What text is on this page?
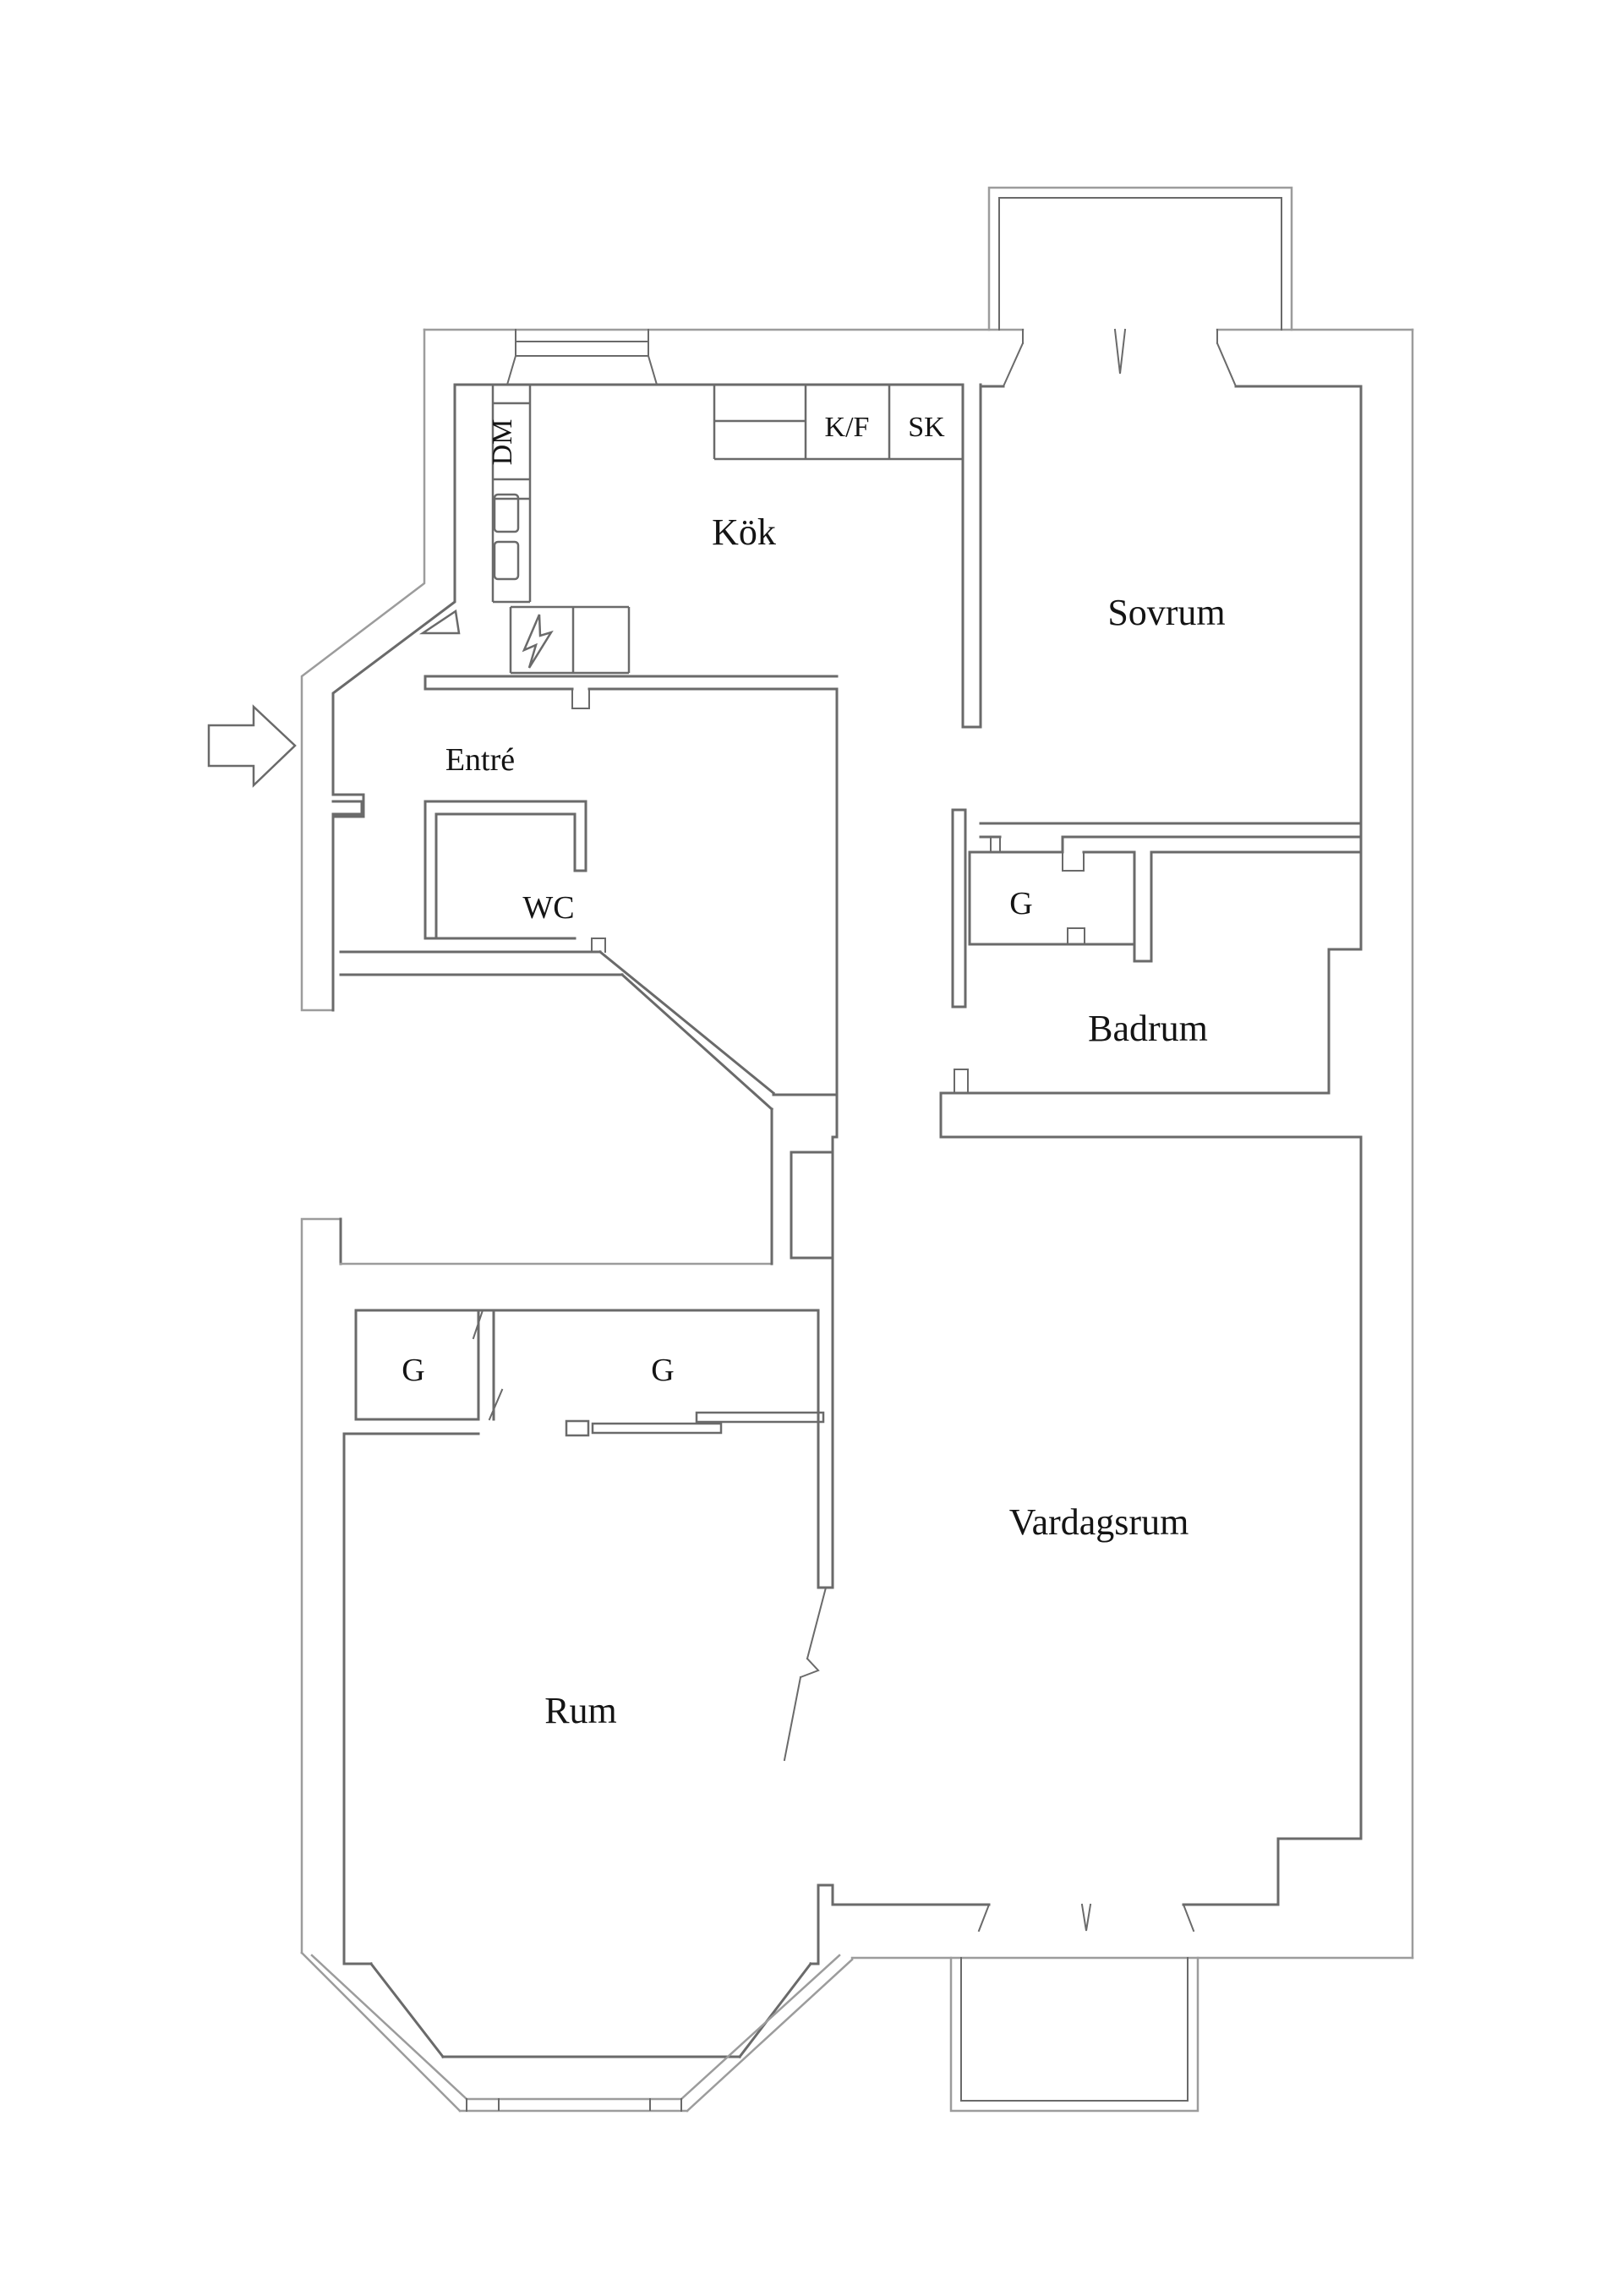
Kök
Sovrum
Entré
WC	G
Badrum
G	G
Vardagsrum
Rum
DM	K/F SK
